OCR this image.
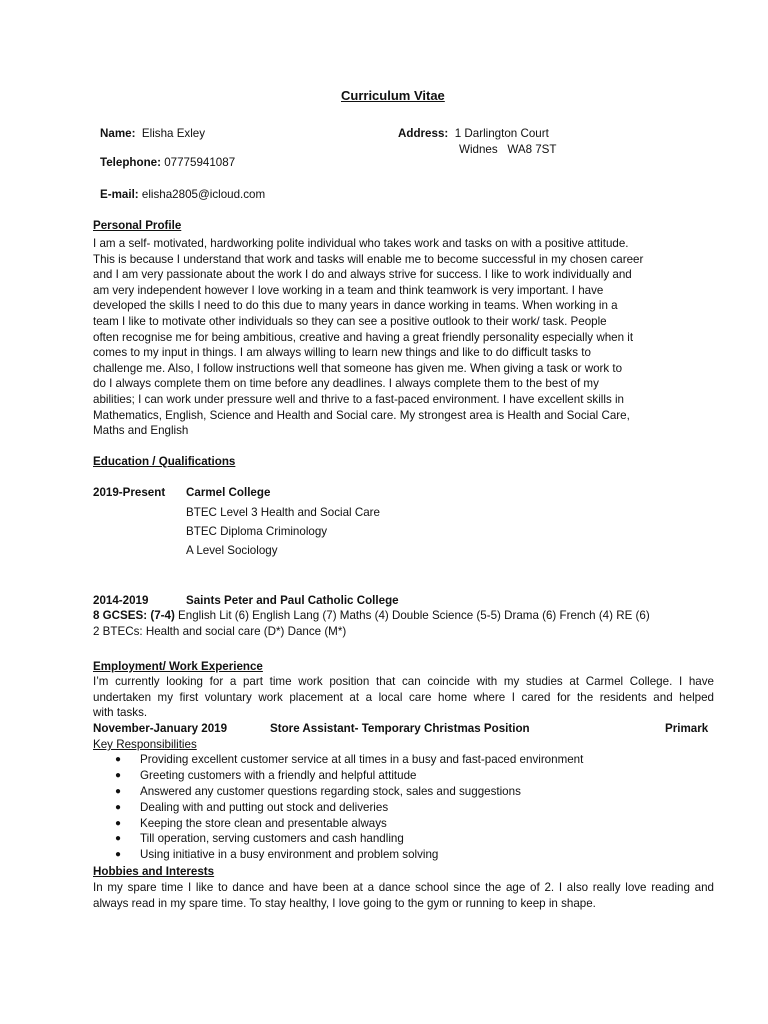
Curriculum Vitae
Name: Elisha Exley	Address: 1 Darlington Court
Widnes   WA8 7ST
Telephone: 07775941087
E-mail: elisha2805@icloud.com
Personal Profile
I am a self- motivated, hardworking polite individual who takes work and tasks on with a positive attitude.
This is because I understand that work and tasks will enable me to become successful in my chosen career
and I am very passionate about the work I do and always strive for success. I like to work individually and
am very independent however I love working in a team and think teamwork is very important. I have
developed the skills I need to do this due to many years in dance working in teams. When working in a
team I like to motivate other individuals so they can see a positive outlook to their work/ task. People
often recognise me for being ambitious, creative and having a great friendly personality especially when it
comes to my input in things. I am always willing to learn new things and like to do difficult tasks to
challenge me. Also, I follow instructions well that someone has given me. When giving a task or work to
do I always complete them on time before any deadlines. I always complete them to the best of my
abilities; I can work under pressure well and thrive to a fast-paced environment. I have excellent skills in
Mathematics, English, Science and Health and Social care. My strongest area is Health and Social Care,
Maths and English
Education / Qualifications
2019-Present Carmel College
BTEC Level 3 Health and Social Care
BTEC Diploma Criminology
A Level Sociology
2014-2019	Saints Peter and Paul Catholic College
8 GCSES: (7-4) English Lit (6) English Lang (7) Maths (4) Double Science (5-5) Drama (6) French (4) RE (6)
2 BTECs: Health and social care (D*) Dance (M*)
Employment/ Work Experience
I’m currently looking for a part time work position that can coincide with my studies at Carmel College. I have
undertaken my first voluntary work placement at a local care home where I cared for the residents and helped
with tasks.
November-January 2019	Store Assistant- Temporary Christmas Position	Primark
Key Responsibilities
● Providing excellent customer service at all times in a busy and fast-paced environment
● Greeting customers with a friendly and helpful attitude
● Answered any customer questions regarding stock, sales and suggestions
● Dealing with and putting out stock and deliveries
● Keeping the store clean and presentable always
● Till operation, serving customers and cash handling
● Using initiative in a busy environment and problem solving
Hobbies and Interests
In my spare time I like to dance and have been at a dance school since the age of 2. I also really love reading and
always read in my spare time. To stay healthy, I love going to the gym or running to keep in shape.
